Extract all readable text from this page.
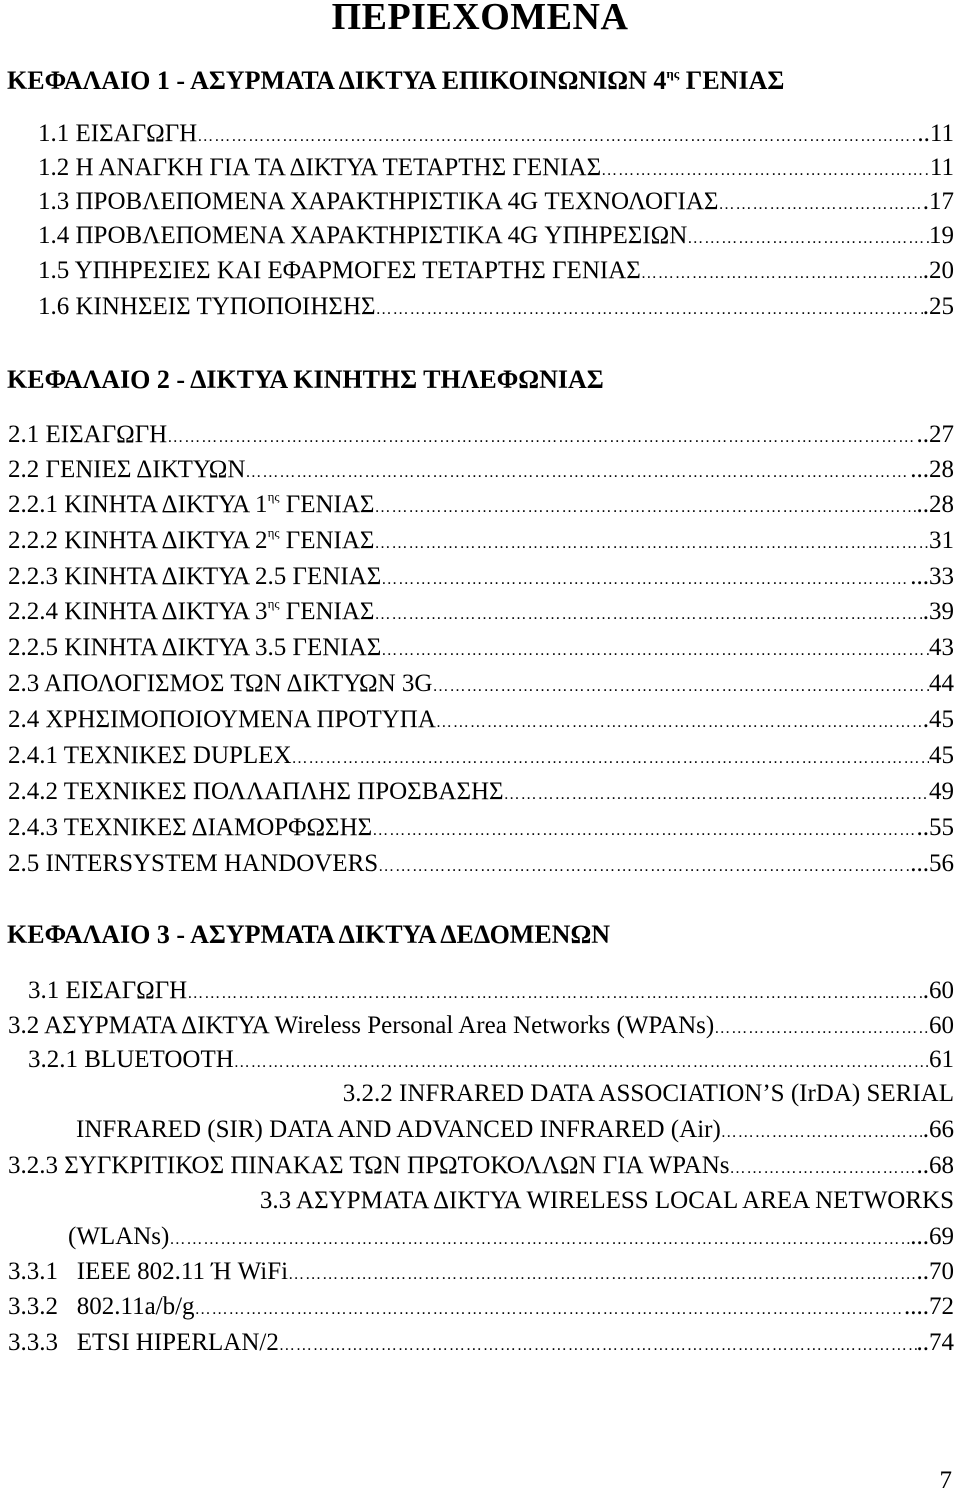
ΠΕΡΙΕΧΟΜΕΝΑ
ΚΕΦΑΛΑΙΟ 1 - ΑΣΥΡΜΑΤΑ ΔΙΚΤΥΑ ΕΠΙΚΟΙΝΩΝΙΩΝ $4^{\eta\varsigma}$ ΓΕΝΙΑΣ
1.1 ΕΙΣΑΓΩΓΗ …………………………………………………………………………………………………………………………………………………	..11
1.2 Η ΑΝΑΓΚΗ ΓΙΑ ΤΑ ΔΙΚΤΥΑ ΤΕΤΑΡΤΗΣ ΓΕΝΙΑΣ …………………………………………………………………………………………………………………………………………………	11
1.3 ΠΡΟΒΛΕΠΟΜΕΝΑ ΧΑΡΑΚΤΗΡΙΣΤΙΚΑ 4G ΤΕΧΝΟΛΟΓΙΑΣ …………………………………………………………………………………………………………………………………………………	.17
1.4 ΠΡΟΒΛΕΠΟΜΕΝΑ ΧΑΡΑΚΤΗΡΙΣΤΙΚΑ 4G ΥΠΗΡΕΣΙΩΝ …………………………………………………………………………………………………………………………………………………	19
1.5 ΥΠΗΡΕΣΙΕΣ ΚΑΙ ΕΦΑΡΜΟΓΕΣ ΤΕΤΑΡΤΗΣ ΓΕΝΙΑΣ …………………………………………………………………………………………………………………………………………………	.20
1.6 ΚΙΝΗΣΕΙΣ ΤΥΠΟΠΟΙΗΣΗΣ …………………………………………………………………………………………………………………………………………………	.25
ΚΕΦΑΛΑΙΟ 2 - ΔΙΚΤΥΑ ΚΙΝΗΤΗΣ ΤΗΛΕΦΩΝΙΑΣ
2.1 ΕΙΣΑΓΩΓΗ …………………………………………………………………………………………………………………………………………………	..27
2.2 ΓΕΝΙΕΣ ΔΙΚΤΥΩΝ …………………………………………………………………………………………………………………………………………………	...28
2.2.1 ΚΙΝΗΤΑ ΔΙΚΤΥΑ $1^{\eta\varsigma}$ ΓΕΝΙΑΣ …………………………………………………………………………………………………………………………………………………	..28
2.2.2 ΚΙΝΗΤΑ ΔΙΚΤΥΑ $2^{\eta\varsigma}$ ΓΕΝΙΑΣ …………………………………………………………………………………………………………………………………………………	31
2.2.3 ΚΙΝΗΤΑ ΔΙΚΤΥΑ 2.5 ΓΕΝΙΑΣ …………………………………………………………………………………………………………………………………………………	...33
2.2.4 ΚΙΝΗΤΑ ΔΙΚΤΥΑ $3^{\eta\varsigma}$ ΓΕΝΙΑΣ …………………………………………………………………………………………………………………………………………………	.39
2.2.5 ΚΙΝΗΤΑ ΔΙΚΤΥΑ 3.5 ΓΕΝΙΑΣ …………………………………………………………………………………………………………………………………………………	43
2.3 ΑΠΟΛΟΓΙΣΜΟΣ ΤΩΝ ΔΙΚΤΥΩΝ 3G …………………………………………………………………………………………………………………………………………………	44
2.4 ΧΡΗΣΙΜΟΠΟΙΟΥΜΕΝΑ ΠΡΟΤΥΠΑ …………………………………………………………………………………………………………………………………………………	.45
2.4.1 ΤΕΧΝΙΚΕΣ DUPLEX …………………………………………………………………………………………………………………………………………………	45
2.4.2 ΤΕΧΝΙΚΕΣ ΠΟΛΛΑΠΛΗΣ ΠΡΟΣΒΑΣΗΣ …………………………………………………………………………………………………………………………………………………	49
2.4.3 ΤΕΧΝΙΚΕΣ ΔΙΑΜΟΡΦΩΣΗΣ …………………………………………………………………………………………………………………………………………………	..55
2.5 INTERSYSTEM HANDOVERS …………………………………………………………………………………………………………………………………………………	...56
ΚΕΦΑΛΑΙΟ 3 - ΑΣΥΡΜΑΤΑ ΔΙΚΤΥΑ ΔΕΔΟΜΕΝΩΝ
3.1 ΕΙΣΑΓΩΓΗ …………………………………………………………………………………………………………………………………………………	.60
3.2 ΑΣΥΡΜΑΤΑ ΔΙΚΤΥΑ Wireless Personal Area Networks (WPANs) …………………………………………………………………………………………………………………………………………………	60
3.2.1 BLUETOOTH …………………………………………………………………………………………………………………………………………………	61
3.2.2 INFRARED DATA ASSOCIATION’S (IrDA) SERIAL
INFRARED (SIR) DATA AND ADVANCED INFRARED (Air) …………………………………………………………………………………………………………………………………………………	.66
3.2.3 ΣΥΓΚΡΙΤΙΚΟΣ ΠΙΝΑΚΑΣ ΤΩΝ ΠΡΩΤΟΚΟΛΛΩΝ ΓΙΑ WPANs …………………………………………………………………………………………………………………………………………………	..68
3.3 ΑΣΥΡΜΑΤΑ ΔΙΚΤΥΑ WIRELESS LOCAL AREA NETWORKS
(WLANs) …………………………………………………………………………………………………………………………………………………	...69
3.3.1   IEEE 802.11 Ή WiFi …………………………………………………………………………………………………………………………………………………	..70
3.3.2   802.11a/b/g …………………………………………………………………………………………………………………………………………………	....72
3.3.3   ETSI HIPERLAN/2 …………………………………………………………………………………………………………………………………………………	..74
7
